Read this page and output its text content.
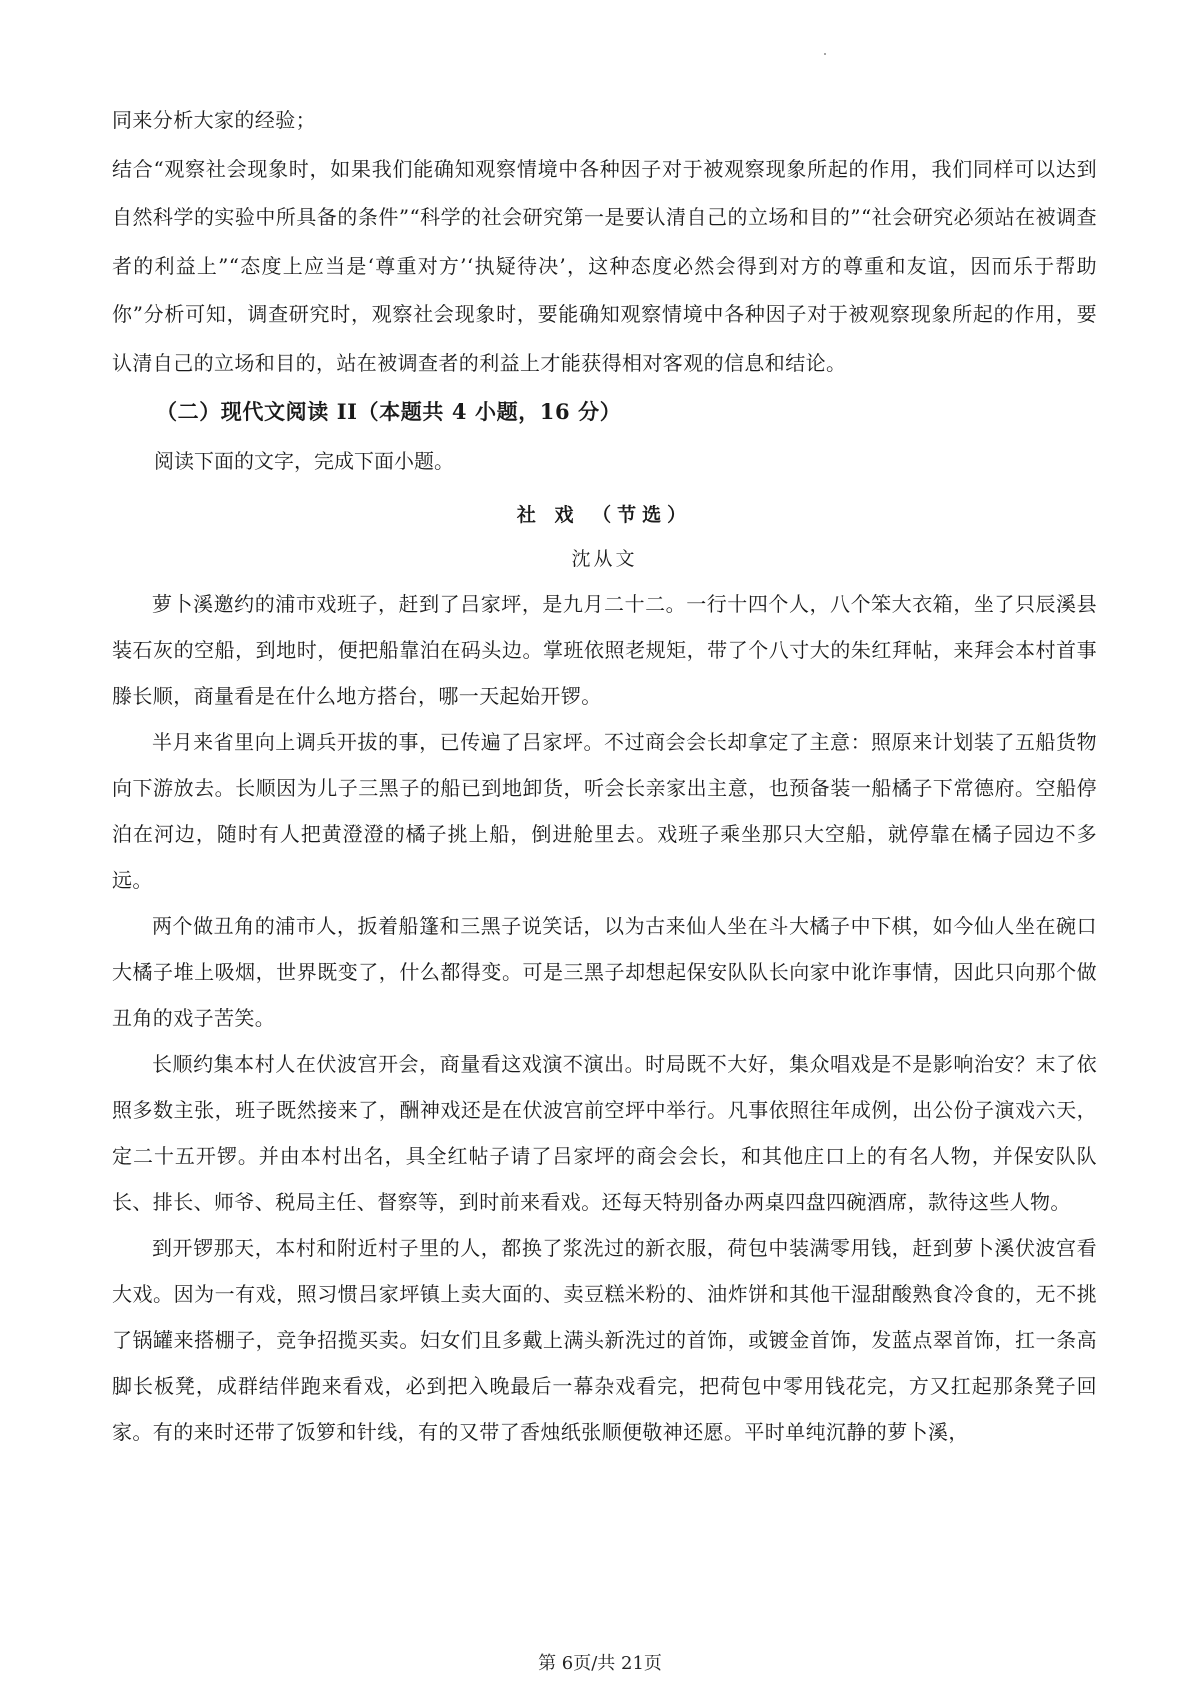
同来分析大家的经验；

结合“观察社会现象时，如果我们能确知观察情境中各种因子对于被观察现象所起的作用，我们同样可以达到自然科学的实验中所具备的条件”“科学的社会研究第一是要认清自己的立场和目的”“社会研究必须站在被调查者的利益上”“态度上应当是‘尊重对方’‘执疑待决’，这种态度必然会得到对方的尊重和友谊，因而乐于帮助你”分析可知，调查研究时，观察社会现象时，要能确知观察情境中各种因子对于被观察现象所起的作用，要认清自己的立场和目的，站在被调查者的利益上才能获得相对客观的信息和结论。

（二）现代文阅读 II（本题共 4 小题，16 分）

阅读下面的文字，完成下面小题。

社 戏 （节选）

沈从文

萝卜溪邀约的浦市戏班子，赶到了吕家坪，是九月二十二。一行十四个人，八个笨大衣箱，坐了只辰溪县装石灰的空船，到地时，便把船靠泊在码头边。掌班依照老规矩，带了个八寸大的朱红拜帖，来拜会本村首事滕长顺，商量看是在什么地方搭台，哪一天起始开锣。

半月来省里向上调兵开拔的事，已传遍了吕家坪。不过商会会长却拿定了主意：照原来计划装了五船货物向下游放去。长顺因为儿子三黑子的船已到地卸货，听会长亲家出主意，也预备装一船橘子下常德府。空船停泊在河边，随时有人把黄澄澄的橘子挑上船，倒进舱里去。戏班子乘坐那只大空船，就停靠在橘子园边不多远。

两个做丑角的浦市人，扳着船篷和三黑子说笑话，以为古来仙人坐在斗大橘子中下棋，如今仙人坐在碗口大橘子堆上吸烟，世界既变了，什么都得变。可是三黑子却想起保安队队长向家中讹诈事情，因此只向那个做丑角的戏子苦笑。

长顺约集本村人在伏波宫开会，商量看这戏演不演出。时局既不大好，集众唱戏是不是影响治安？末了依照多数主张，班子既然接来了，酬神戏还是在伏波宫前空坪中举行。凡事依照往年成例，出公份子演戏六天，定二十五开锣。并由本村出名，具全红帖子请了吕家坪的商会会长，和其他庄口上的有名人物，并保安队队长、排长、师爷、税局主任、督察等，到时前来看戏。还每天特别备办两桌四盘四碗酒席，款待这些人物。

到开锣那天，本村和附近村子里的人，都换了浆洗过的新衣服，荷包中装满零用钱，赶到萝卜溪伏波宫看大戏。因为一有戏，照习惯吕家坪镇上卖大面的、卖豆糕米粉的、油炸饼和其他干湿甜酸熟食冷食的，无不挑了锅罐来搭棚子，竞争招揽买卖。妇女们且多戴上满头新洗过的首饰，或镀金首饰，发蓝点翠首饰，扛一条高脚长板凳，成群结伴跑来看戏，必到把入晚最后一幕杂戏看完，把荷包中零用钱花完，方又扛起那条凳子回家。有的来时还带了饭箩和针线，有的又带了香烛纸张顺便敬神还愿。平时单纯沉静的萝卜溪，

第 6页/共 21页
